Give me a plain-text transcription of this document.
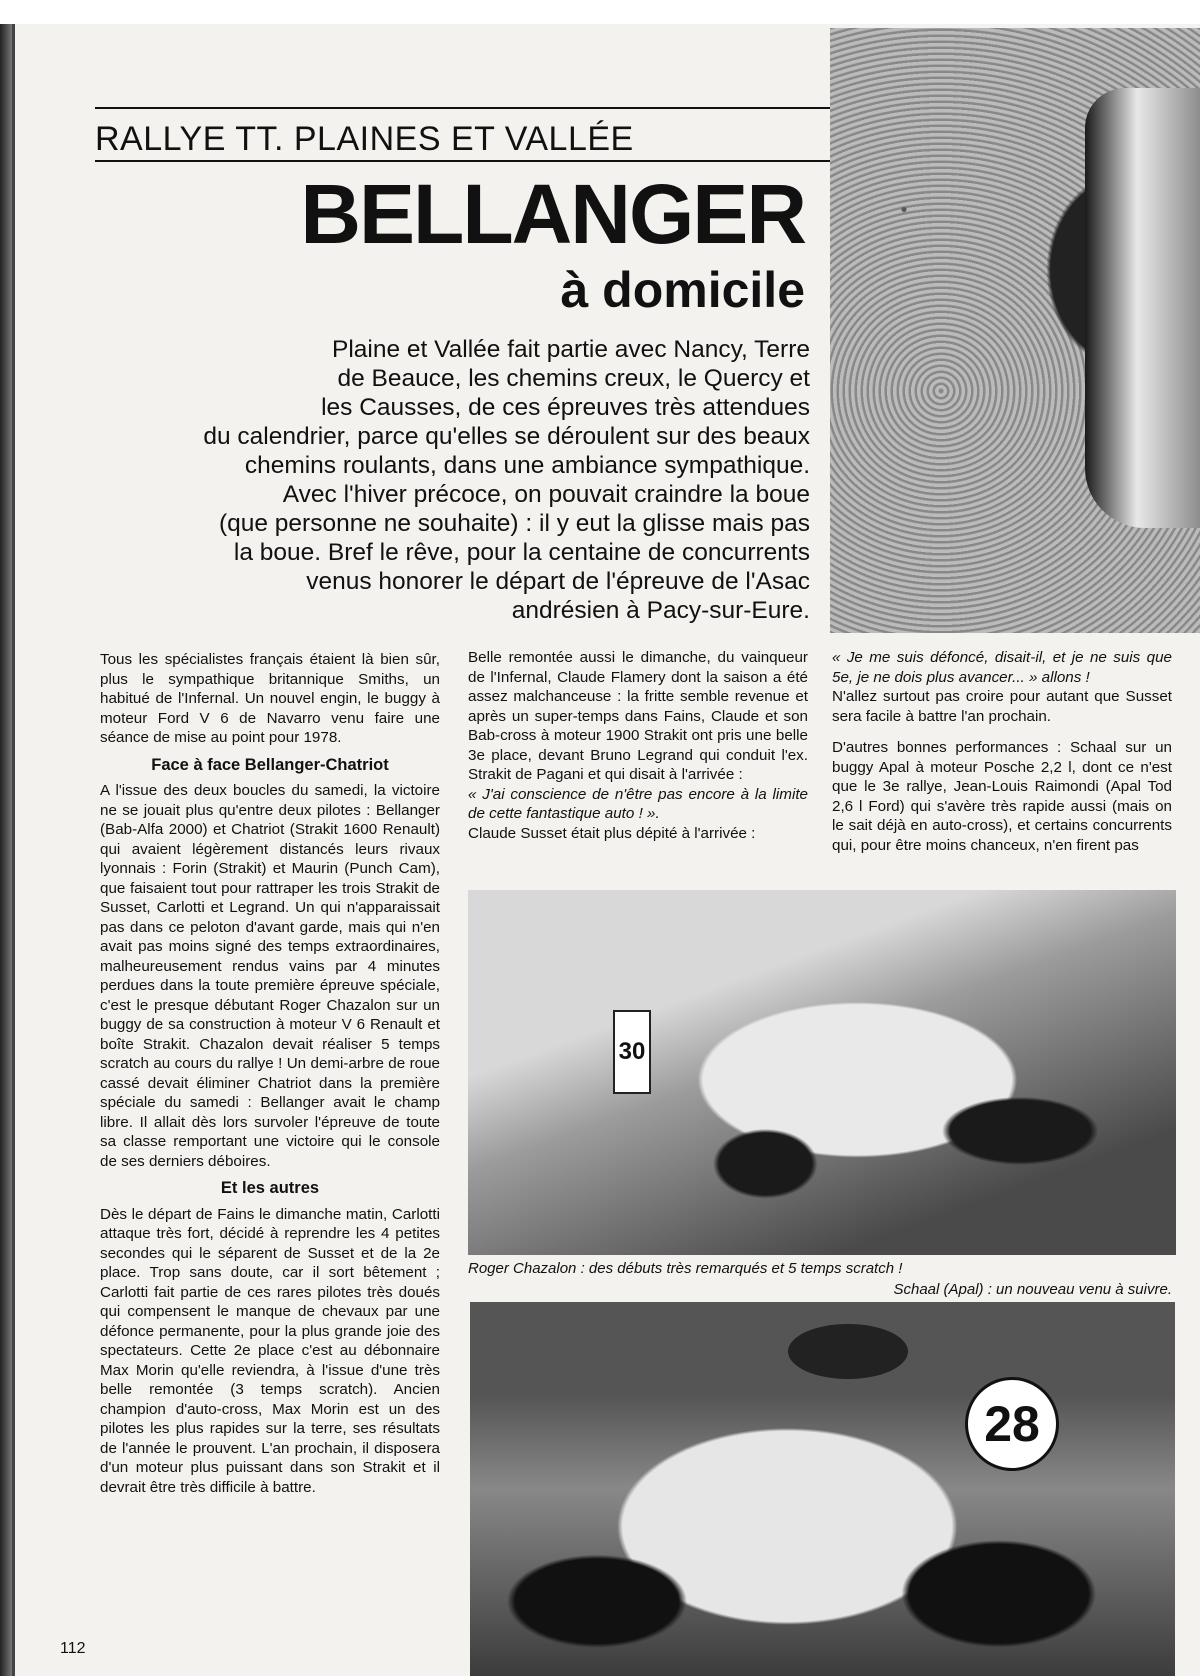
RALLYE TT. PLAINES ET VALLÉE
BELLANGER
à domicile

Plaine et Vallée fait partie avec Nancy, Terre

de Beauce, les chemins creux, le Quercy et

les Causses, de ces épreuves très attendues

du calendrier, parce qu'elles se déroulent sur des beaux

chemins roulants, dans une ambiance sympathique.

Avec l'hiver précoce, on pouvait craindre la boue

(que personne ne souhaite) : il y eut la glisse mais pas

la boue. Bref le rêve, pour la centaine de concurrents

venus honorer le départ de l'épreuve de l'Asac

andrésien à Pacy-sur-Eure.

Tous les spécialistes français étaient là bien sûr, plus le sympathique britannique Smiths, un habitué de l'Infernal. Un nouvel engin, le buggy à moteur Ford V 6 de Navarro venu faire une séance de mise au point pour 1978.

Face à face Bellanger-Chatriot

A l'issue des deux boucles du samedi, la victoire ne se jouait plus qu'entre deux pilotes : Bellanger (Bab-Alfa 2000) et Chatriot (Strakit 1600 Renault) qui avaient légèrement distancés leurs rivaux lyonnais : Forin (Strakit) et Maurin (Punch Cam), que faisaient tout pour rattraper les trois Strakit de Susset, Carlotti et Legrand. Un qui n'apparaissait pas dans ce peloton d'avant garde, mais qui n'en avait pas moins signé des temps extraordinaires, malheureusement rendus vains par 4 minutes perdues dans la toute première épreuve spéciale, c'est le presque débutant Roger Chazalon sur un buggy de sa construction à moteur V 6 Renault et boîte Strakit. Chazalon devait réaliser 5 temps scratch au cours du rallye ! Un demi-arbre de roue cassé devait éliminer Chatriot dans la première spéciale du samedi : Bellanger avait le champ libre. Il allait dès lors survoler l'épreuve de toute sa classe remportant une victoire qui le console de ses derniers déboires.

Et les autres

Dès le départ de Fains le dimanche matin, Carlotti attaque très fort, décidé à reprendre les 4 petites secondes qui le séparent de Susset et de la 2e place. Trop sans doute, car il sort bêtement ; Carlotti fait partie de ces rares pilotes très doués qui compensent le manque de chevaux par une défonce permanente, pour la plus grande joie des spectateurs. Cette 2e place c'est au débonnaire Max Morin qu'elle reviendra, à l'issue d'une très belle remontée (3 temps scratch). Ancien champion d'auto-cross, Max Morin est un des pilotes les plus rapides sur la terre, ses résultats de l'année le prouvent. L'an prochain, il disposera d'un moteur plus puissant dans son Strakit et il devrait être très difficile à battre.

Belle remontée aussi le dimanche, du vainqueur de l'Infernal, Claude Flamery dont la saison a été assez malchanceuse : la fritte semble revenue et après un super-temps dans Fains, Claude et son Bab-cross à moteur 1900 Strakit ont pris une belle 3e place, devant Bruno Legrand qui conduit l'ex. Strakit de Pagani et qui disait à l'arrivée :

« J'ai conscience de n'être pas encore à la limite de cette fantastique auto ! ».

Claude Susset était plus dépité à l'arrivée :

« Je me suis défoncé, disait-il, et je ne suis que 5e, je ne dois plus avancer... » allons !

N'allez surtout pas croire pour autant que Susset sera facile à battre l'an prochain.

D'autres bonnes performances : Schaal sur un buggy Apal à moteur Posche 2,2 l, dont ce n'est que le 3e rallye, Jean-Louis Raimondi (Apal Tod 2,6 l Ford) qui s'avère très rapide aussi (mais on le sait déjà en auto-cross), et certains concurrents qui, pour être moins chanceux, n'en firent pas

30
Roger Chazalon : des débuts très remarqués et 5 temps scratch !
Schaal (Apal) : un nouveau venu à suivre.
28
112
